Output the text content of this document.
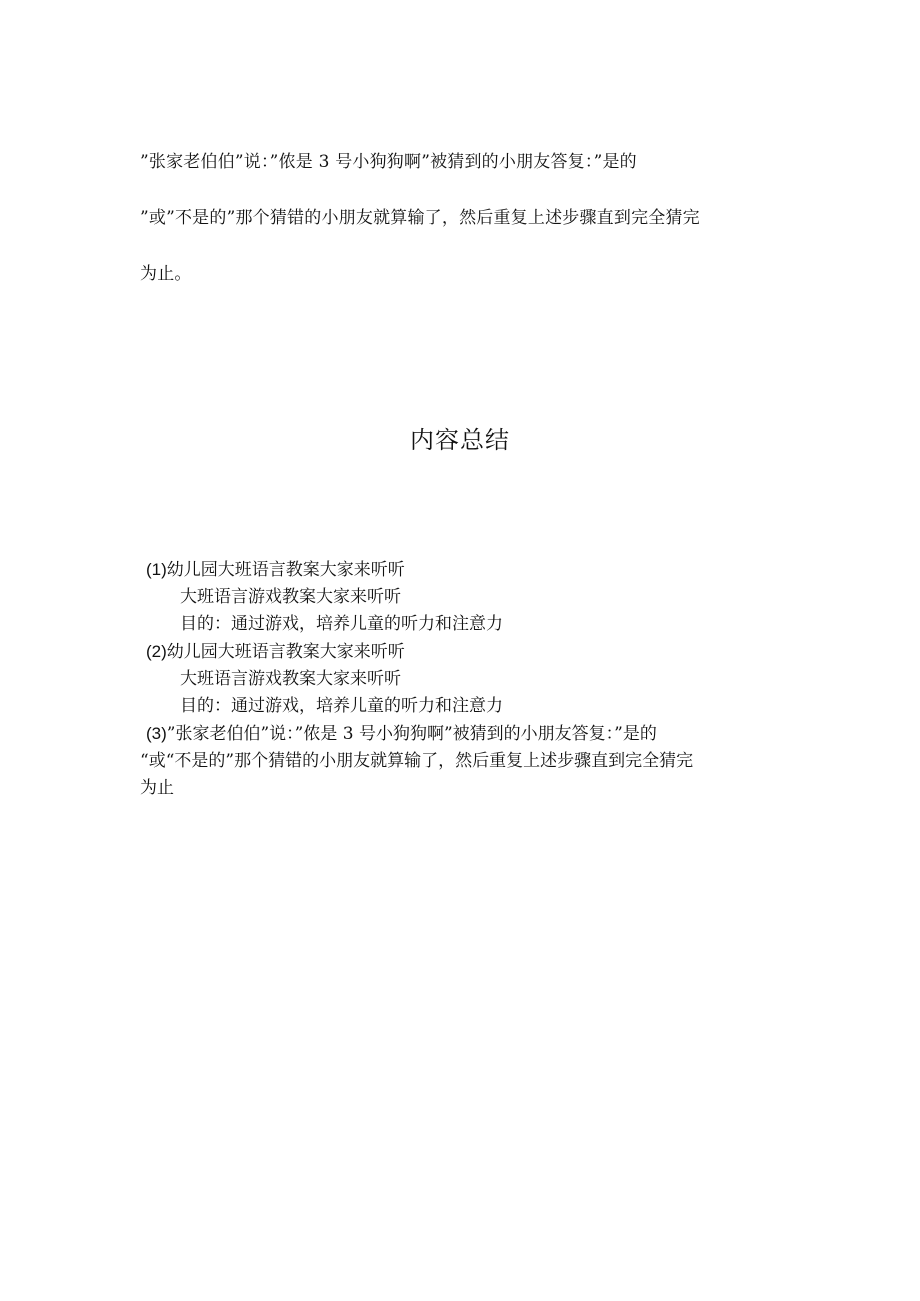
”张家老伯伯”说：”侬是 3 号小狗狗啊”被猜到的小朋友答复：”是的
”或”不是的”那个猜错的小朋友就算输了，然后重复上述步骤直到完全猜完
为止。
内容总结
(1)幼儿园大班语言教案大家来听听
大班语言游戏教案大家来听听
目的：通过游戏，培养儿童的听力和注意力
(2)幼儿园大班语言教案大家来听听
大班语言游戏教案大家来听听
目的：通过游戏，培养儿童的听力和注意力
(3)”张家老伯伯”说：”侬是 3 号小狗狗啊”被猜到的小朋友答复：”是的
“或“不是的”那个猜错的小朋友就算输了，然后重复上述步骤直到完全猜完
为止
